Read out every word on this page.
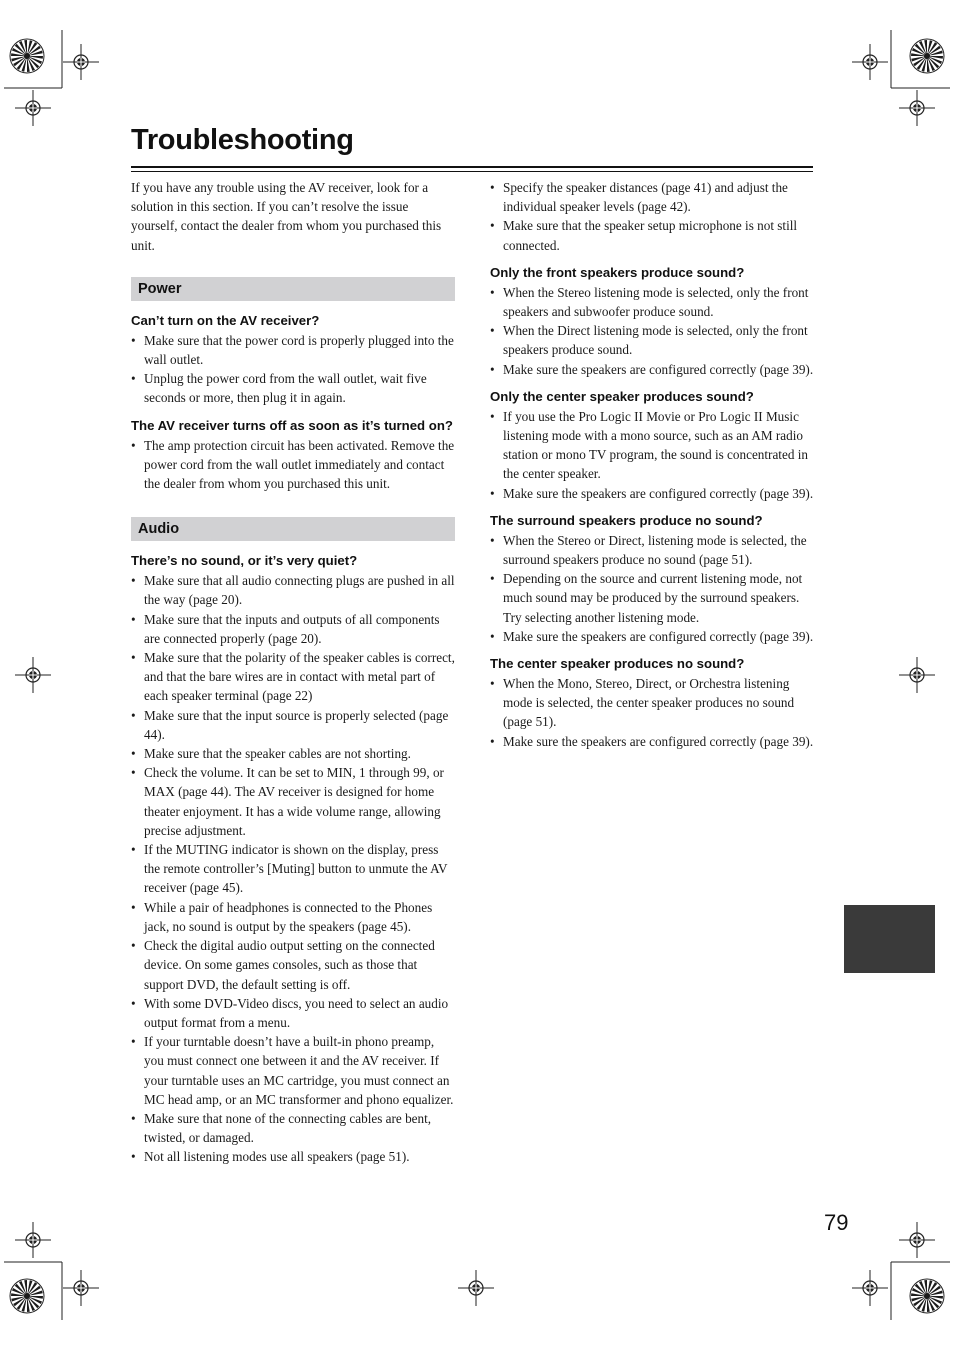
Troubleshooting

If you have any trouble using the AV receiver, look for a solution in this section. If you can’t resolve the issue yourself, contact the dealer from whom you purchased this unit.

Power
Can’t turn on the AV receiver?
• Make sure that the power cord is properly plugged into the wall outlet.
• Unplug the power cord from the wall outlet, wait five seconds or more, then plug it in again.
The AV receiver turns off as soon as it’s turned on?
• The amp protection circuit has been activated. Remove the power cord from the wall outlet immediately and contact the dealer from whom you purchased this unit.
Audio
There’s no sound, or it’s very quiet?
• Make sure that all audio connecting plugs are pushed in all the way (page 20).
• Make sure that the inputs and outputs of all components are connected properly (page 20).
• Make sure that the polarity of the speaker cables is correct, and that the bare wires are in contact with metal part of each speaker terminal (page 22)
• Make sure that the input source is properly selected (page 44).
• Make sure that the speaker cables are not shorting.
• Check the volume. It can be set to MIN, 1 through 99, or MAX (page 44). The AV receiver is designed for home theater enjoyment. It has a wide volume range, allowing precise adjustment.
• If the MUTING indicator is shown on the display, press the remote controller’s [Muting] button to unmute the AV receiver (page 45).
• While a pair of headphones is connected to the Phones jack, no sound is output by the speakers (page 45).
• Check the digital audio output setting on the connected device. On some games consoles, such as those that support DVD, the default setting is off.
• With some DVD-Video discs, you need to select an audio output format from a menu.
• If your turntable doesn’t have a built-in phono preamp, you must connect one between it and the AV receiver. If your turntable uses an MC cartridge, you must connect an MC head amp, or an MC transformer and phono equalizer.
• Make sure that none of the connecting cables are bent, twisted, or damaged.
• Not all listening modes use all speakers (page 51).
• Specify the speaker distances (page 41) and adjust the individual speaker levels (page 42).
• Make sure that the speaker setup microphone is not still connected.
Only the front speakers produce sound?
• When the Stereo listening mode is selected, only the front speakers and subwoofer produce sound.
• When the Direct listening mode is selected, only the front speakers produce sound.
• Make sure the speakers are configured correctly (page 39).
Only the center speaker produces sound?
• If you use the Pro Logic II Movie or Pro Logic II Music listening mode with a mono source, such as an AM radio station or mono TV program, the sound is concentrated in the center speaker.
• Make sure the speakers are configured correctly (page 39).
The surround speakers produce no sound?
• When the Stereo or Direct, listening mode is selected, the surround speakers produce no sound (page 51).
• Depending on the source and current listening mode, not much sound may be produced by the surround speakers. Try selecting another listening mode.
• Make sure the speakers are configured correctly (page 39).
The center speaker produces no sound?
• When the Mono, Stereo, Direct, or Orchestra listening mode is selected, the center speaker produces no sound (page 51).
• Make sure the speakers are configured correctly (page 39).
79
